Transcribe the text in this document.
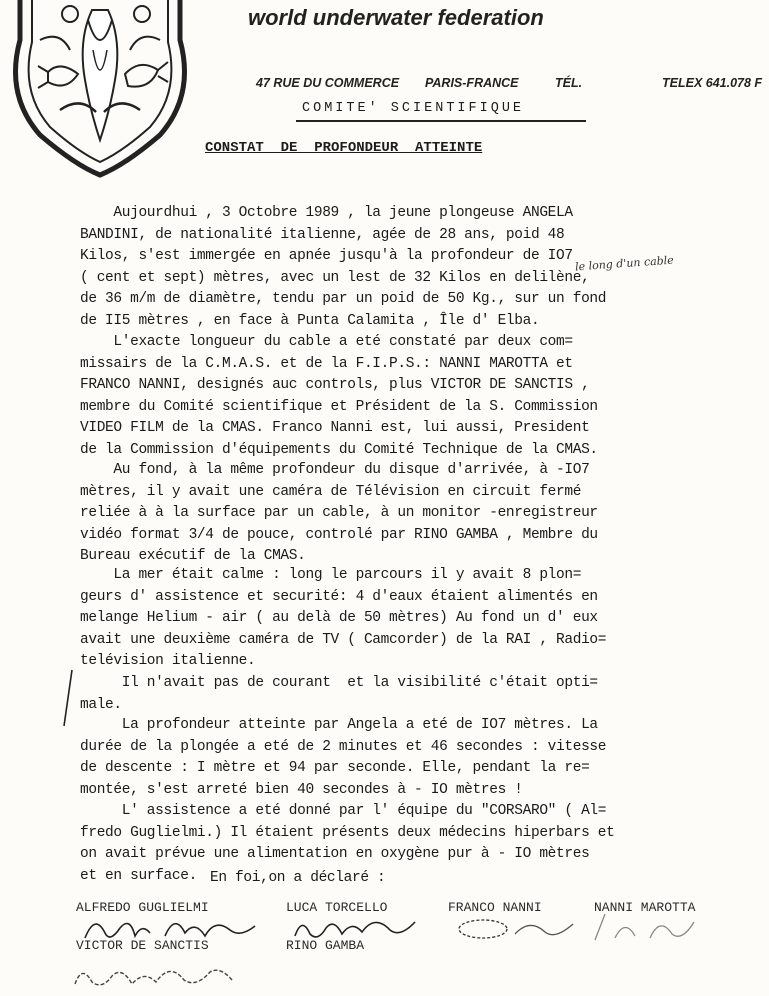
world underwater federation
47 RUE DU COMMERCE PARIS-FRANCE	TÉL.	TELEX 641.078 F
COMITE' SCIENTIFIQUE
CONSTAT  DE  PROFONDEUR  ATTEINTE
le long d'un cable
Aujourdhui , 3 Octobre 1989 , la jeune plongeuse ANGELA
BANDINI, de nationalité italienne, agée de 28 ans, poid 48
Kilos, s'est immergée en apnée jusqu'à la profondeur de IO7
( cent et sept) mètres, avec un lest de 32 Kilos en delilène,
de 36 m/m de diamètre, tendu par un poid de 50 Kg., sur un fond
de II5 mètres , en face à Punta Calamita , Île d' Elba.
L'exacte longueur du cable a eté constaté par deux com=
missairs de la C.M.A.S. et de la F.I.P.S.: NANNI MAROTTA et
FRANCO NANNI, designés auc controls, plus VICTOR DE SANCTIS ,
membre du Comité scientifique et Président de la S. Commission
VIDEO FILM de la CMAS. Franco Nanni est, lui aussi, President
de la Commission d'équipements du Comité Technique de la CMAS.
Au fond, à la même profondeur du disque d'arrivée, à -IO7
mètres, il y avait une caméra de Télévision en circuit fermé
reliée à à la surface par un cable, à un monitor -enregistreur
vidéo format 3/4 de pouce, controlé par RINO GAMBA , Membre du
Bureau exécutif de la CMAS.
La mer était calme : long le parcours il y avait 8 plon=
geurs d' assistence et securité: 4 d'eaux étaient alimentés en
melange Helium - air ( au delà de 50 mètres) Au fond un d' eux
avait une deuxième caméra de TV ( Camcorder) de la RAI , Radio=
telévision italienne.
Il n'avait pas de courant  et la visibilité c'était opti=
male.
La profondeur atteinte par Angela a eté de IO7 mètres. La
durée de la plongée a eté de 2 minutes et 46 secondes : vitesse
de descente : I mètre et 94 par seconde. Elle, pendant la re=
montée, s'est arreté bien 40 secondes à - IO mètres !
L' assistence a eté donné par l' équipe du "CORSARO" ( Al=
fredo Guglielmi.) Il étaient présents deux médecins hiperbars et
on avait prévue une alimentation en oxygène pur à - IO mètres
et en surface. En foi,on a déclaré :
ALFREDO GUGLIELMI	LUCA TORCELLO	FRANCO NANNI	NANNI MAROTTA
VICTOR DE SANCTIS	RINO GAMBA
